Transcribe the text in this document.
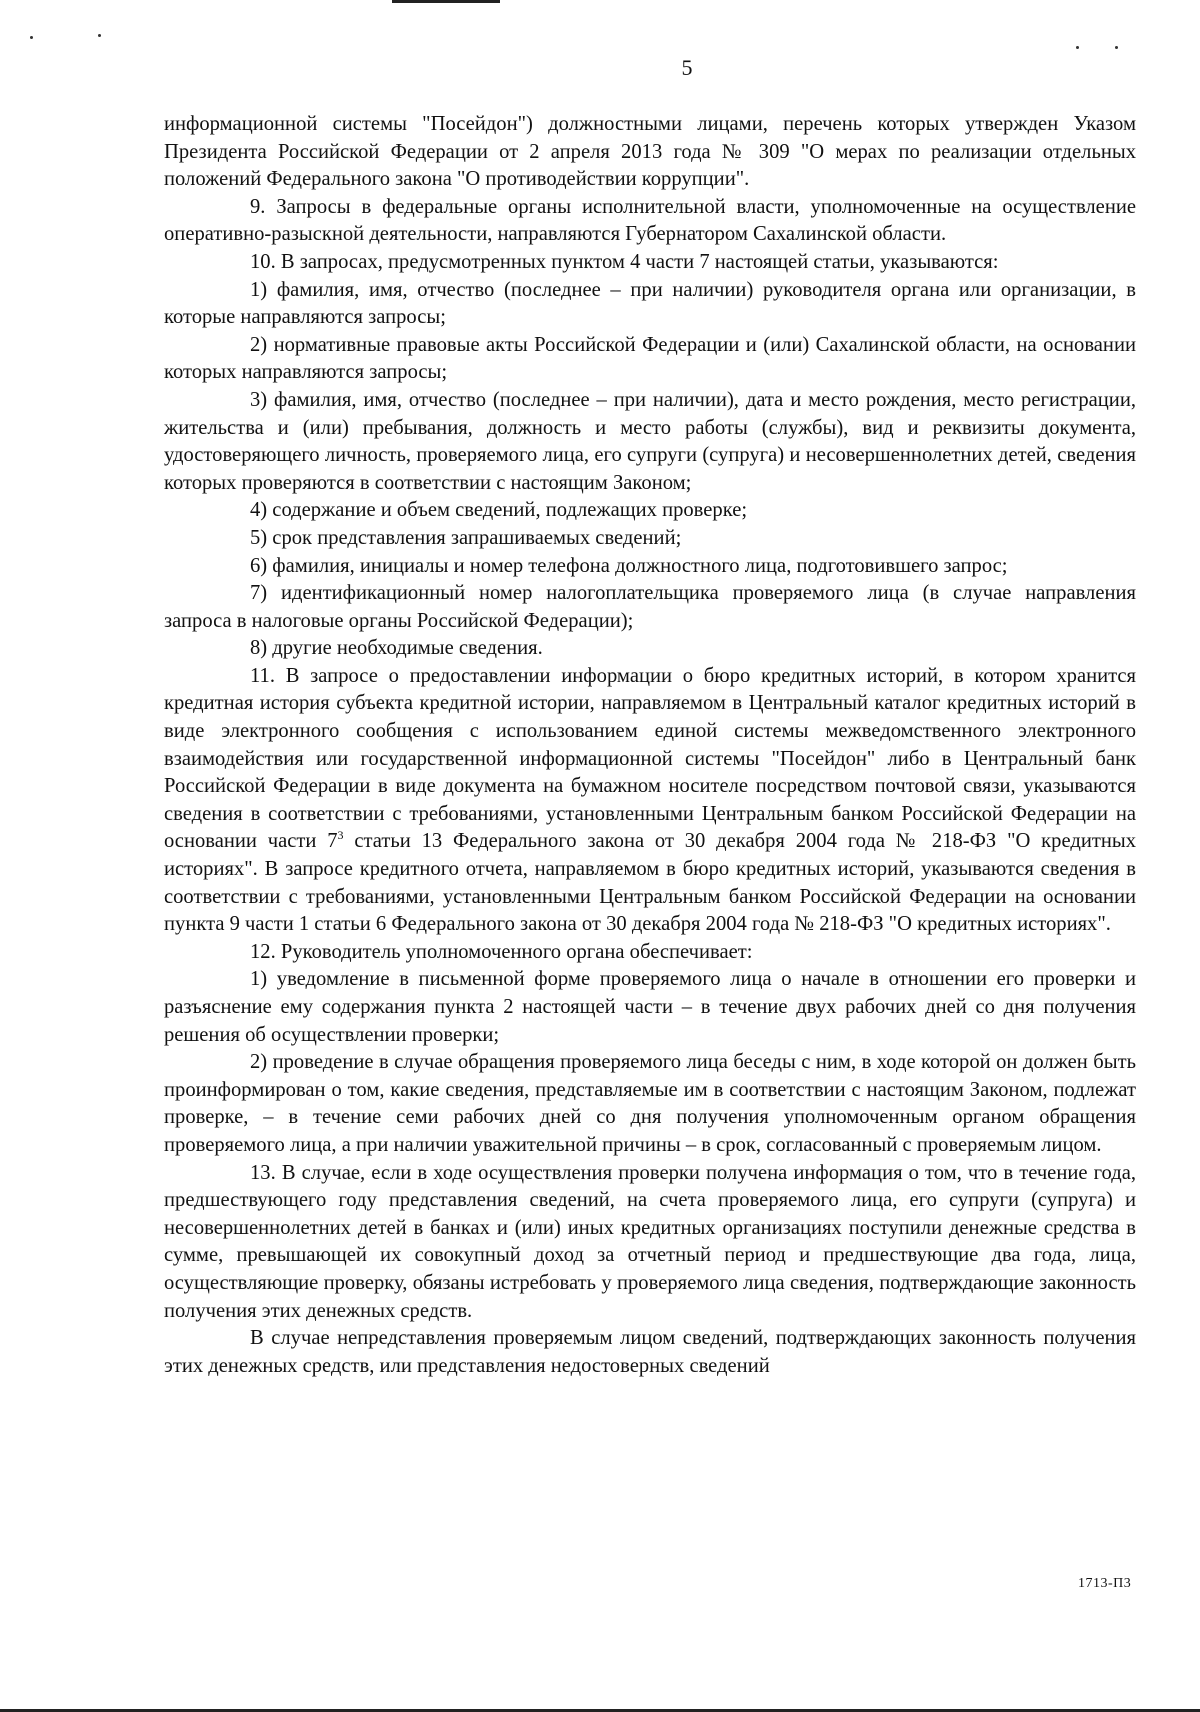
5

информационной системы "Посейдон") должностными лицами, перечень которых утвержден Указом Президента Российской Федерации от 2 апреля 2013 года № 309 "О мерах по реализации отдельных положений Федерального закона "О противодействии коррупции".

9. Запросы в федеральные органы исполнительной власти, уполномоченные на осуществление оперативно-разыскной деятельности, направляются Губернатором Сахалинской области.

10. В запросах, предусмотренных пунктом 4 части 7 настоящей статьи, указываются:

1) фамилия, имя, отчество (последнее – при наличии) руководителя органа или организации, в которые направляются запросы;

2) нормативные правовые акты Российской Федерации и (или) Сахалинской области, на основании которых направляются запросы;

3) фамилия, имя, отчество (последнее – при наличии), дата и место рождения, место регистрации, жительства и (или) пребывания, должность и место работы (службы), вид и реквизиты документа, удостоверяющего личность, проверяемого лица, его супруги (супруга) и несовершеннолетних детей, сведения которых проверяются в соответствии с настоящим Законом;

4) содержание и объем сведений, подлежащих проверке;

5) срок представления запрашиваемых сведений;

6) фамилия, инициалы и номер телефона должностного лица, подготовившего запрос;

7) идентификационный номер налогоплательщика проверяемого лица (в случае направления запроса в налоговые органы Российской Федерации);

8) другие необходимые сведения.

11. В запросе о предоставлении информации о бюро кредитных историй, в котором хранится кредитная история субъекта кредитной истории, направляемом в Центральный каталог кредитных историй в виде электронного сообщения с использованием единой системы межведомственного электронного взаимодействия или государственной информационной системы "Посейдон" либо в Центральный банк Российской Федерации в виде документа на бумажном носителе посредством почтовой связи, указываются сведения в соответствии с требованиями, установленными Центральным банком Российской Федерации на основании части $7^3$ статьи 13 Федерального закона от 30 декабря 2004 года № 218-ФЗ "О кредитных историях". В запросе кредитного отчета, направляемом в бюро кредитных историй, указываются сведения в соответствии с требованиями, установленными Центральным банком Российской Федерации на основании пункта 9 части 1 статьи 6 Федерального закона от 30 декабря 2004 года № 218-ФЗ "О кредитных историях".

12. Руководитель уполномоченного органа обеспечивает:

1) уведомление в письменной форме проверяемого лица о начале в отношении его проверки и разъяснение ему содержания пункта 2 настоящей части – в течение двух рабочих дней со дня получения решения об осуществлении проверки;

2) проведение в случае обращения проверяемого лица беседы с ним, в ходе которой он должен быть проинформирован о том, какие сведения, представляемые им в соответствии с настоящим Законом, подлежат проверке, – в течение семи рабочих дней со дня получения уполномоченным органом обращения проверяемого лица, а при наличии уважительной причины – в срок, согласованный с проверяемым лицом.

13. В случае, если в ходе осуществления проверки получена информация о том, что в течение года, предшествующего году представления сведений, на счета проверяемого лица, его супруги (супруга) и несовершеннолетних детей в банках и (или) иных кредитных организациях поступили денежные средства в сумме, превышающей их совокупный доход за отчетный период и предшествующие два года, лица, осуществляющие проверку, обязаны истребовать у проверяемого лица сведения, подтверждающие законность получения этих денежных средств.

В случае непредставления проверяемым лицом сведений, подтверждающих законность получения этих денежных средств, или представления недостоверных сведений

1713-П3
